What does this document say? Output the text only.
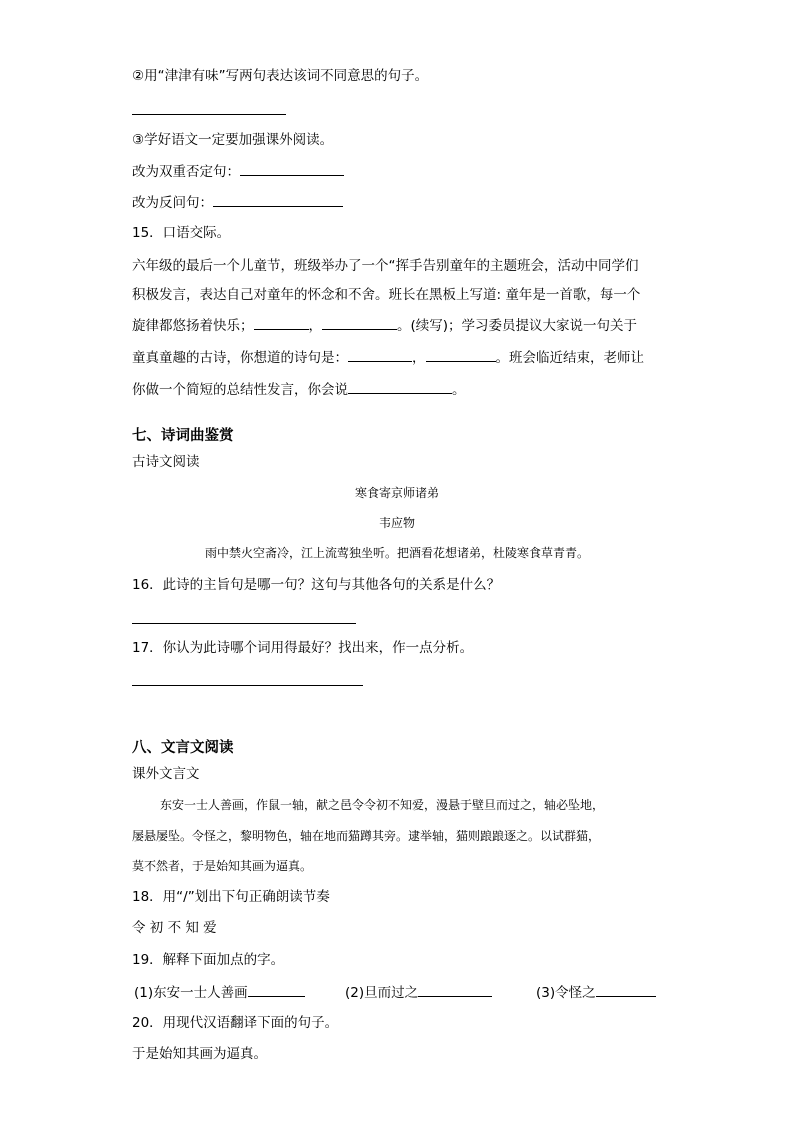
②用“津津有味”写两句表达该词不同意思的句子。
③学好语文一定要加强课外阅读。
改为双重否定句：
改为反问句：
15．口语交际。
六年级的最后一个儿童节，班级举办了一个“挥手告别童年的主题班会，活动中同学们
积极发言，表达自己对童年的怀念和不舍。班长在黑板上写道: 童年是一首歌，每一个
旋律都悠扬着快乐；	，	。(续写)；学习委员提议大家说一句关于
童真童趣的古诗，你想道的诗句是：	，	。班会临近结束，老师让
你做一个简短的总结性发言，你会说	。
七、诗词曲鉴赏
古诗文阅读
寒食寄京师诸弟
韦应物
雨中禁火空斋冷，江上流莺独坐听。把酒看花想诸弟，杜陵寒食草青青。
16．此诗的主旨句是哪一句？这句与其他各句的关系是什么？
17．你认为此诗哪个词用得最好？找出来，作一点分析。
八、文言文阅读
课外文言文
东安一士人善画，作鼠一轴，献之邑令令初不知爱，漫悬于壁旦而过之，轴必坠地，
屡悬屡坠。令怪之，黎明物色，轴在地而猫蹲其旁。逮举轴，猫则踉踉逐之。以试群猫，
莫不然者，于是始知其画为逼真。
18．用“/”划出下句正确朗读节奏
令 初 不 知 爱
19．解释下面加点的字。
(1)东安一士人善画	(2)旦而过之	(3)令怪之
20．用现代汉语翻译下面的句子。
于是始知其画为逼真。
